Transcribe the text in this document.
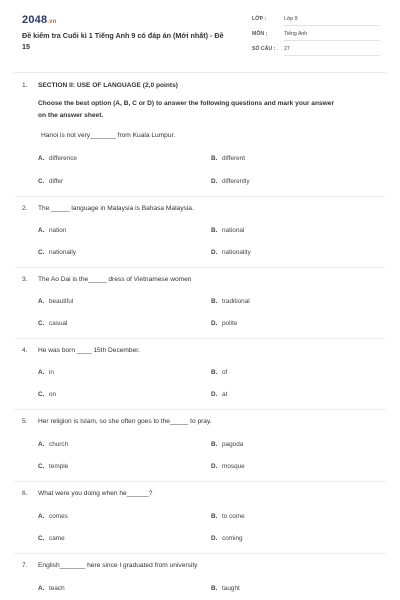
2048.vn
Đề kiểm tra Cuối kì 1 Tiếng Anh 9 có đáp án (Mới nhất) - Đề 15
LỚP :	Lớp 9
MÔN :	Tiếng Anh
SỐ CÂU :	27
1.	SECTION II: USE OF LANGUAGE (2,0 points)
Choose the best option (A, B, C or D) to answer the following questions and mark your answer
on the answer sheet.
Hanoi is not very_______ from Kuala Lumpur.
A. difference	B. different
C. differ	D. differently
2.	The _____ language in Malaysia is Bahasa Malaysia.
A. nation	B. national
C. nationally	D. nationality
3.	The Ao Dai is the_____ dress of Vietnamese women
A. beautiful	B. traditional
C. casual	D. polite
4.	He was born ____ 15th December.
A. in	B. of
C. on	D. at
5.	Her religion is Islam, so she often goes to the_____ to pray.
A. church	B. pagoda
C. temple	D. mosque
6.	What were you doing when he______?
A. comes	B. to come
C. came	D. coming
7.	English_______ here since I graduated from university
A. teach	B. taught
